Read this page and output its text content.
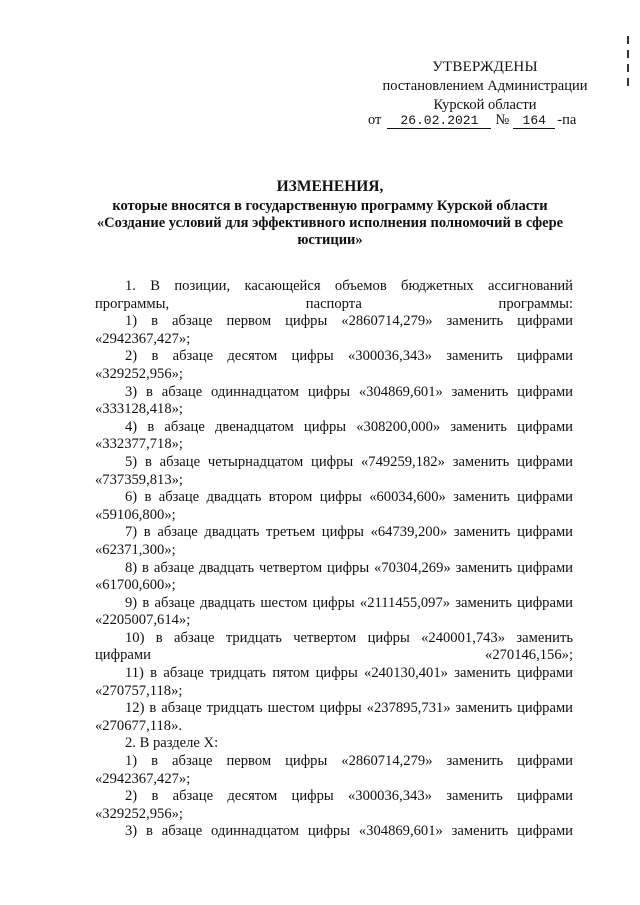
УТВЕРЖДЕНЫ
постановлением Администрации
Курской области
от 26.02.2021 № 164 -па
ИЗМЕНЕНИЯ,
которые вносятся в государственную программу Курской области
«Создание условий для эффективного исполнения полномочий в сфере
юстиции»

1. В позиции, касающейся объемов бюджетных ассигнований программы, паспорта программы:

1) в абзаце первом цифры «2860714,279» заменить цифрами «2942367,427»;

2) в абзаце десятом цифры «300036,343» заменить цифрами «329252,956»;

3) в абзаце одиннадцатом цифры «304869,601» заменить цифрами «333128,418»;

4) в абзаце двенадцатом цифры «308200,000» заменить цифрами «332377,718»;

5) в абзаце четырнадцатом цифры «749259,182» заменить цифрами «737359,813»;

6) в абзаце двадцать втором цифры «60034,600» заменить цифрами «59106,800»;

7) в абзаце двадцать третьем цифры «64739,200» заменить цифрами «62371,300»;

8) в абзаце двадцать четвертом цифры «70304,269» заменить цифрами «61700,600»;

9) в абзаце двадцать шестом цифры «2111455,097» заменить цифрами «2205007,614»;

10) в абзаце тридцать четвертом цифры «240001,743» заменить цифрами «270146,156»;

11) в абзаце тридцать пятом цифры «240130,401» заменить цифрами «270757,118»;

12) в абзаце тридцать шестом цифры «237895,731» заменить цифрами «270677,118».

2. В разделе X:

1) в абзаце первом цифры «2860714,279» заменить цифрами «2942367,427»;

2) в абзаце десятом цифры «300036,343» заменить цифрами «329252,956»;

3) в абзаце одиннадцатом цифры «304869,601» заменить цифрами
